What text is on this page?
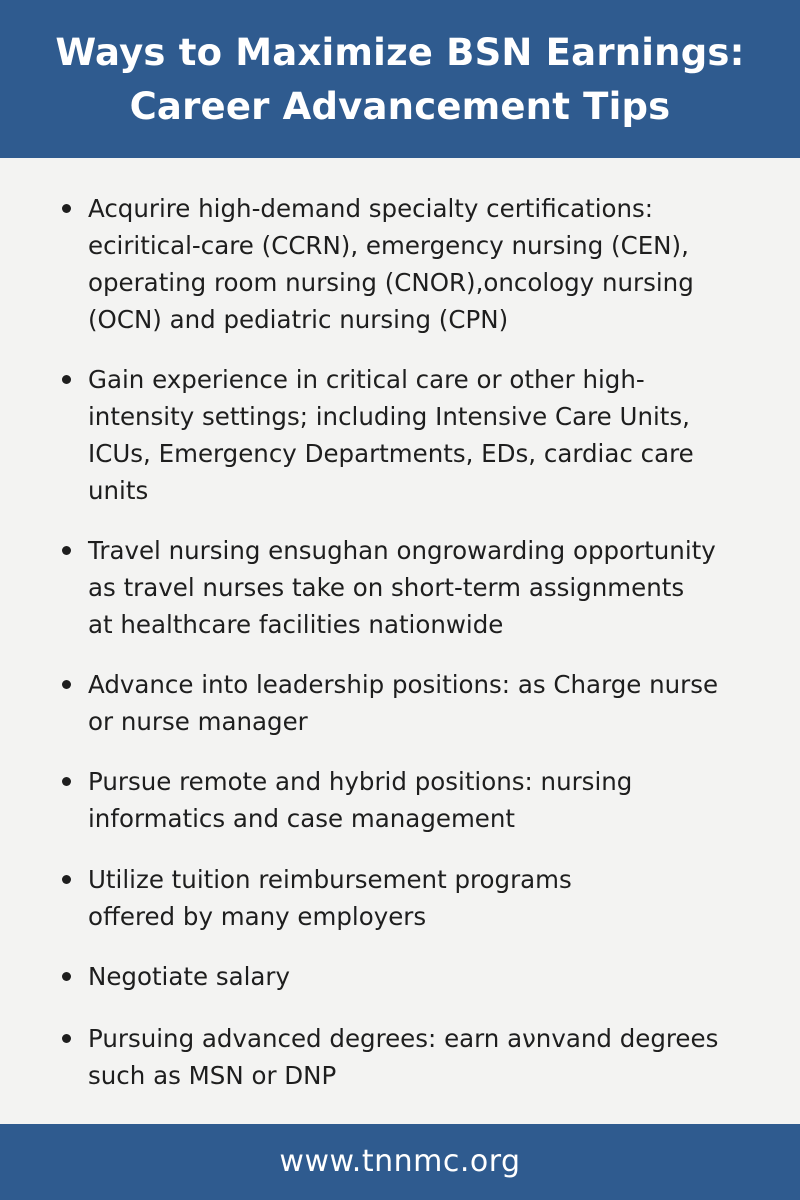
Ways to Maximize BSN Earnings:
Career Advancement Tips
Acqurire high-demand specialty certifications:
eciritical-care (CCRN), emergency nursing (CEN),
operating room nursing (CNOR),oncology nursing
(OCN) and pediatric nursing (CPN)
Gain experience in critical care or other high-
intensity settings; including Intensive Care Units,
ICUs, Emergency Departments, EDs, cardiac care
units
Travel nursing ensughan ongrowarding opportunity
as travel nurses take on short-term assignments
at healthcare facilities nationwide
Advance into leadership positions: as Charge nurse
or nurse manager
Pursue remote and hybrid positions: nursing
informatics and case management
Utilize tuition reimbursement programs
offered by many employers
Negotiate salary
Pursuing advanced degrees: earn aνnvand degrees
such as MSN or DNP
www.tnnmc.org
